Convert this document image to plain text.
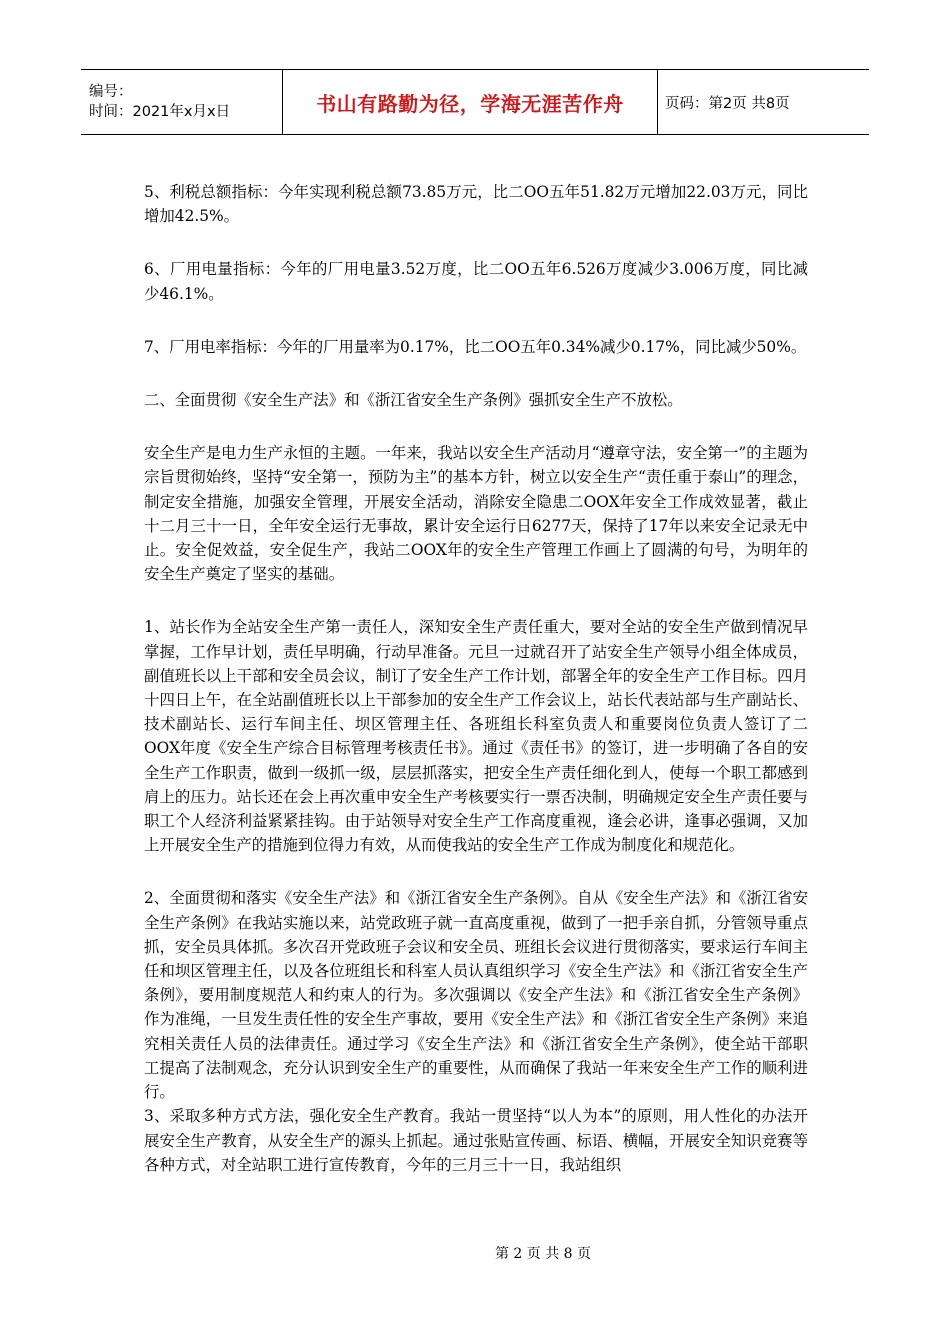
编号：
时间：2021年x月x日	书山有路勤为径，学海无涯苦作舟	页码：第2页 共8页

5、利税总额指标：今年实现利税总额73.85万元，比二OO五年51.82万元增加22.03万元，同比增加42.5%。

6、厂用电量指标：今年的厂用电量3.52万度，比二OO五年6.526万度减少3.006万度，同比减少46.1%。

7、厂用电率指标：今年的厂用量率为0.17%，比二OO五年0.34%减少0.17%，同比减少50%。

二、全面贯彻《安全生产法》和《浙江省安全生产条例》强抓安全生产不放松。

安全生产是电力生产永恒的主题。一年来，我站以安全生产活动月“遵章守法，安全第一”的主题为宗旨贯彻始终，坚持“安全第一，预防为主”的基本方针，树立以安全生产“责任重于泰山”的理念，制定安全措施，加强安全管理，开展安全活动，消除安全隐患二OOX年安全工作成效显著，截止十二月三十一日，全年安全运行无事故，累计安全运行日6277天，保持了17年以来安全记录无中止。安全促效益，安全促生产，我站二OOX年的安全生产管理工作画上了圆满的句号，为明年的安全生产奠定了坚实的基础。

1、站长作为全站安全生产第一责任人，深知安全生产责任重大，要对全站的安全生产做到情况早掌握，工作早计划，责任早明确，行动早准备。元旦一过就召开了站安全生产领导小组全体成员，副值班长以上干部和安全员会议，制订了安全生产工作计划，部署全年的安全生产工作目标。四月十四日上午，在全站副值班长以上干部参加的安全生产工作会议上，站长代表站部与生产副站长、技术副站长、运行车间主任、坝区管理主任、各班组长科室负责人和重要岗位负责人签订了二OOX年度《安全生产综合目标管理考核责任书》。通过《责任书》的签订，进一步明确了各自的安全生产工作职责，做到一级抓一级，层层抓落实，把安全生产责任细化到人，使每一个职工都感到肩上的压力。站长还在会上再次重申安全生产考核要实行一票否决制，明确规定安全生产责任要与职工个人经济利益紧紧挂钩。由于站领导对安全生产工作高度重视，逢会必讲，逢事必强调，又加上开展安全生产的措施到位得力有效，从而使我站的安全生产工作成为制度化和规范化。

2、全面贯彻和落实《安全生产法》和《浙江省安全生产条例》。自从《安全生产法》和《浙江省安全生产条例》在我站实施以来，站党政班子就一直高度重视，做到了一把手亲自抓，分管领导重点抓，安全员具体抓。多次召开党政班子会议和安全员、班组长会议进行贯彻落实，要求运行车间主任和坝区管理主任，以及各位班组长和科室人员认真组织学习《安全生产法》和《浙江省安全生产条例》，要用制度规范人和约束人的行为。多次强调以《安全产生法》和《浙江省安全生产条例》作为准绳，一旦发生责任性的安全生产事故，要用《安全生产法》和《浙江省安全生产条例》来追究相关责任人员的法律责任。通过学习《安全生产法》和《浙江省安全生产条例》，使全站干部职工提高了法制观念，充分认识到安全生产的重要性，从而确保了我站一年来安全生产工作的顺利进行。

3、采取多种方式方法，强化安全生产教育。我站一贯坚持“以人为本”的原则，用人性化的办法开展安全生产教育，从安全生产的源头上抓起。通过张贴宣传画、标语、横幅，开展安全知识竞赛等各种方式，对全站职工进行宣传教育，今年的三月三十一日，我站组织

第 2 页 共 8 页
